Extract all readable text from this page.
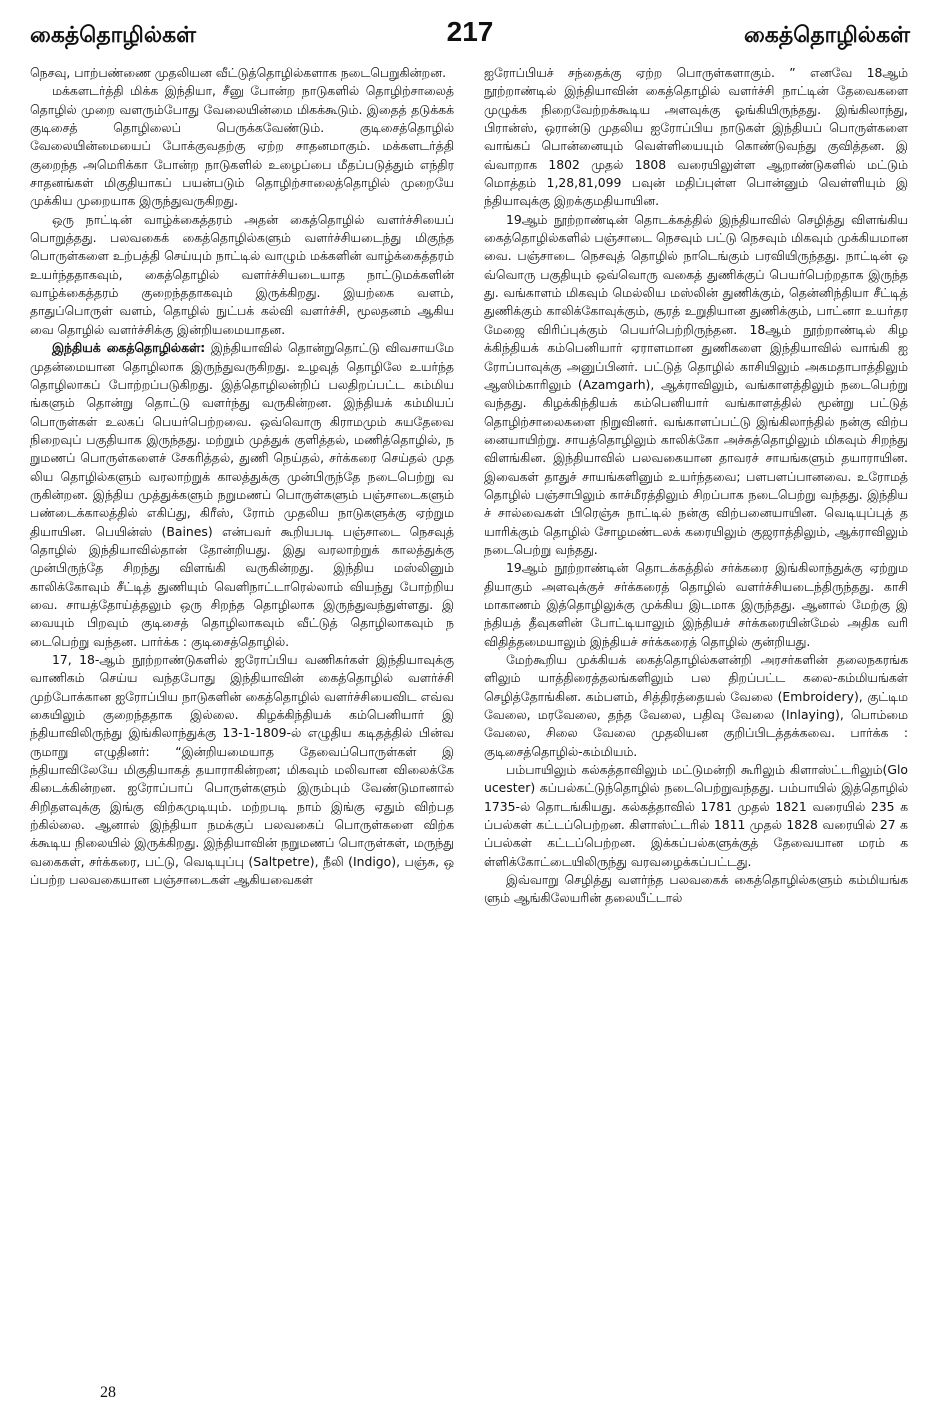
217
கைத்தொழில்கள்	கைத்தொழில்கள்

நெசவு, பாற்பண்ணை முதலியன வீட்டுத்தொழில்களாக நடைபெறுகின்றன.

மக்களடர்த்தி மிக்க இந்தியா, சீனு போன்ற நாடுகளில் தொழிற்சாலைத் தொழில் முறை வளரும்போது வேலையின்மை மிகக்கூடும். இதைத் தடுக்கக் குடிசைத் தொழிலைப் பெருக்கவேண்டும். குடிசைத்தொழில் வேலையின்மையைப் போக்குவதற்கு ஏற்ற சாதனமாகும். மக்களடர்த்தி குறைந்த அமெரிக்கா போன்ற நாடுகளில் உழைப்பை மீதப்படுத்தும் எந்திர சாதனங்கள் மிகுதியாகப் பயன்படும் தொழிற்சாலைத்தொழில் முறையே முக்கிய முறையாக இருந்துவருகிறது.

ஒரு நாட்டின் வாழ்க்கைத்தரம் அதன் கைத்தொழில் வளர்ச்சியைப் பொறுத்தது. பலவகைக் கைத்தொழில்களும் வளர்ச்சியடைந்து மிகுந்த பொருள்களை உற்பத்தி செய்யும் நாட்டில் வாழும் மக்களின் வாழ்க்கைத்தரம் உயர்ந்ததாகவும், கைத்தொழில் வளர்ச்சியடையாத நாட்டுமக்களின் வாழ்க்கைத்தரம் குறைந்ததாகவும் இருக்கிறது. இயற்கை வளம், தாதுப்பொருள் வளம், தொழில் நுட்பக் கல்வி வளர்ச்சி, மூலதனம் ஆகியவை தொழில் வளர்ச்சிக்கு இன்றியமையாதன.

இந்தியக் கைத்தொழில்கள்: இந்தியாவில் தொன்றுதொட்டு விவசாயமே முதன்மையான தொழிலாக இருந்துவருகிறது. உழவுத் தொழிலே உயர்ந்த தொழிலாகப் போற்றப்படுகிறது. இத்தொழிலன்றிப் பலதிறப்பட்ட கம்மியங்களும் தொன்று தொட்டு வளர்ந்து வருகின்றன. இந்தியக் கம்மியப் பொருள்கள் உலகப் பெயர்பெற்றவை. ஒவ்வொரு கிராமமும் சுயதேவை நிறைவுப் பகுதியாக இருந்தது. மற்றும் முத்துக் குளித்தல், மணித்தொழில், நறுமணப் பொருள்களைச் சேகரித்தல், துணி நெய்தல், சர்க்கரை செய்தல் முதலிய தொழில்களும் வரலாற்றுக் காலத்துக்கு முன்பிருந்தே நடைபெற்று வருகின்றன. இந்திய முத்துக்களும் நறுமணப் பொருள்களும் பஞ்சாடைகளும் பண்டைக்காலத்தில் எகிப்து, கிரீஸ், ரோம் முதலிய நாடுகளுக்கு ஏற்றுமதியாயின. பெயின்ஸ் (Baines) என்பவர் கூறியபடி பஞ்சாடை நெசவுத் தொழில் இந்தியாவில்தான் தோன்றியது. இது வரலாற்றுக் காலத்துக்கு முன்பிருந்தே சிறந்து விளங்கி வருகின்றது. இந்திய மஸ்லினும் காலிக்கோவும் சீட்டித் துணியும் வெளிநாட்டாரெல்லாம் வியந்து போற்றியவை. சாயத்தோய்த்தலும் ஒரு சிறந்த தொழிலாக இருந்துவந்துள்ளது. இவையும் பிறவும் குடிசைத் தொழிலாகவும் வீட்டுத் தொழிலாகவும் நடைபெற்று வந்தன. பார்க்க : குடிசைத்தொழில்.

17, 18-ஆம் நூற்றாண்டுகளில் ஐரோப்பிய வணிகர்கள் இந்தியாவுக்கு வாணிகம் செய்ய வந்தபோது இந்தியாவின் கைத்தொழில் வளர்ச்சி முற்போக்கான ஐரோப்பிய நாடுகளின் கைத்தொழில் வளர்ச்சியைவிட எவ்வகையிலும் குறைந்ததாக இல்லை. கிழக்கிந்தியக் கம்பெனியார் இந்தியாவிலிருந்து இங்கிலாந்துக்கு 13-1-1809-ல் எழுதிய கடிதத்தில் பின்வருமாறு எழுதினர்: “இன்றியமையாத தேவைப்பொருள்கள் இந்தியாவிலேயே மிகுதியாகத் தயாராகின்றன; மிகவும் மலிவான விலைக்கே கிடைக்கின்றன. ஐரோப்பாப் பொருள்களும் இரும்பும் வேண்டுமானால் சிறிதளவுக்கு இங்கு விற்கமுடியும். மற்றபடி நாம் இங்கு ஏதும் விற்பதற்கில்லை. ஆனால் இந்தியா நமக்குப் பலவகைப் பொருள்களை விற்கக்கூடிய நிலையில் இருக்கிறது. இந்தியாவின் நறுமணப் பொருள்கள், மருந்து வகைகள், சர்க்கரை, பட்டு, வெடியுப்பு (Saltpetre), நீலி (Indigo), பஞ்சு, ஒப்பற்ற பலவகையான பஞ்சாடைகள் ஆகியவைகள்

ஐரோப்பியச் சந்தைக்கு ஏற்ற பொருள்களாகும். ” எனவே 18ஆம் நூற்றாண்டில் இந்தியாவின் கைத்தொழில் வளர்ச்சி நாட்டின் தேவைகளை முழுக்க நிறைவேற்றக்கூடிய அளவுக்கு ஓங்கியிருந்தது. இங்கிலாந்து, பிரான்ஸ், ஒரான்டு முதலிய ஐரோப்பிய நாடுகள் இந்தியப் பொருள்களை வாங்கப் பொன்னையும் வெள்ளியையும் கொண்டுவந்து குவித்தன. இவ்வாறாக 1802 முதல் 1808 வரையிலுள்ள ஆறாண்டுகளில் மட்டும் மொத்தம் 1,28,81,099 பவுன் மதிப்புள்ள பொன்னும் வெள்ளியும் இந்தியாவுக்கு இறக்குமதியாயின.

19ஆம் நூற்றாண்டின் தொடக்கத்தில் இந்தியாவில் செழித்து விளங்கிய கைத்தொழில்களில் பஞ்சாடை நெசவும் பட்டு நெசவும் மிகவும் முக்கியமானவை. பஞ்சாடை நெசவுத் தொழில் நாடெங்கும் பரவியிருந்தது. நாட்டின் ஒவ்வொரு பகுதியும் ஒவ்வொரு வகைத் துணிக்குப் பெயர்பெற்றதாக இருந்தது. வங்காளம் மிகவும் மெல்லிய மஸ்லின் துணிக்கும், தென்னிந்தியா சீட்டித் துணிக்கும் காலிக்கோவுக்கும், சூரத் உறுதியான துணிக்கும், பாட்னா உயர்தர மேஜை விரிப்புக்கும் பெயர்பெற்றிருந்தன. 18ஆம் நூற்றாண்டில் கிழக்கிந்தியக் கம்பெனியார் ஏராளமான துணிகளை இந்தியாவில் வாங்கி ஐரோப்பாவுக்கு அனுப்பினர். பட்டுத் தொழில் காசியிலும் அகமதாபாத்திலும் ஆஸிம்காரிலும் (Azamgarh), ஆக்ராவிலும், வங்காளத்திலும் நடைபெற்று வந்தது. கிழக்கிந்தியக் கம்பெனியார் வங்காளத்தில் மூன்று பட்டுத் தொழிற்சாலைகளை நிறுவினர். வங்காளப்பட்டு இங்கிலாந்தில் நன்கு விற்பனையாயிற்று. சாயத்தொழிலும் காலிக்கோ அச்சுத்தொழிலும் மிகவும் சிறந்து விளங்கின. இந்தியாவில் பலவகையான தாவரச் சாயங்களும் தயாராயின. இவைகள் தாதுச் சாயங்களினும் உயர்ந்தவை; பளபளப்பானவை. உரோமத் தொழில் பஞ்சாபிலும் காச்மீரத்திலும் சிறப்பாக நடைபெற்று வந்தது. இந்தியச் சால்வைகள் பிரெஞ்சு நாட்டில் நன்கு விற்பனையாயின. வெடியுப்புத் தயாரிக்கும் தொழில் சோழமண்டலக் கரையிலும் குஜராத்திலும், ஆக்ராவிலும் நடைபெற்று வந்தது.

19ஆம் நூற்றாண்டின் தொடக்கத்தில் சர்க்கரை இங்கிலாந்துக்கு ஏற்றுமதியாகும் அளவுக்குச் சர்க்கரைத் தொழில் வளர்ச்சியடைந்திருந்தது. காசி மாகாணம் இத்தொழிலுக்கு முக்கிய இடமாக இருந்தது. ஆனால் மேற்கு இந்தியத் தீவுகளின் போட்டியாலும் இந்தியச் சர்க்கரையின்மேல் அதிக வரி விதித்தமையாலும் இந்தியச் சர்க்கரைத் தொழில் குன்றியது.

மேற்கூறிய முக்கியக் கைத்தொழில்களன்றி அரசர்களின் தலைநகரங்களிலும் யாத்திரைத்தலங்களிலும் பல திறப்பட்ட கலை-கம்மியங்கள் செழித்தோங்கின. கம்பளம், சித்திரத்தையல் வேலை (Embroidery), குட்டிம வேலை, மரவேலை, தந்த வேலை, பதிவு வேலை (Inlaying), பொம்மை வேலை, சிலை வேலை முதலியன குறிப்பிடத்தக்கவை. பார்க்க : குடிசைத்தொழில்-கம்மியம்.

பம்பாயிலும் கல்கத்தாவிலும் மட்டுமன்றி கூரிலும் கிளாஸ்ட்டரிலும்(Gloucester) கப்பல்கட்டுந்தொழில் நடைபெற்றுவந்தது. பம்பாயில் இத்தொழில் 1735-ல் தொடங்கியது. கல்கத்தாவில் 1781 முதல் 1821 வரையில் 235 கப்பல்கள் கட்டப்பெற்றன. கிளாஸ்ட்டரில் 1811 முதல் 1828 வரையில் 27 கப்பல்கள் கட்டப்பெற்றன. இக்கப்பல்களுக்குத் தேவையான மரம் கள்ளிக்கோட்டையிலிருந்து வரவழைக்கப்பட்டது.

இவ்வாறு செழித்து வளர்ந்த பலவகைக் கைத்தொழில்களும் கம்மியங்களும் ஆங்கிலேயரின் தலையீட்டால்

28
